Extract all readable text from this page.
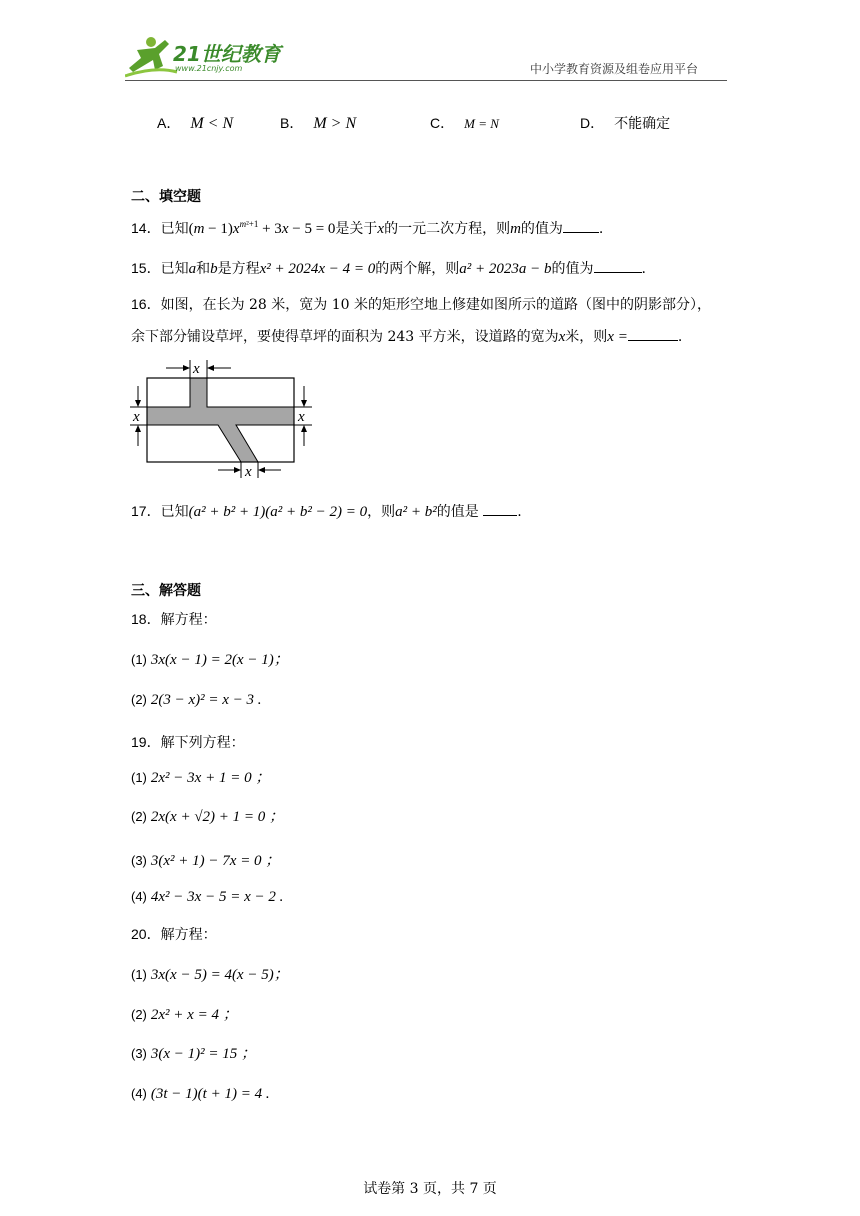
21世纪教育
www.21cnjy.com	中小学教育资源及组卷应用平台
A． M < N	B． M > N	C． M = N	D． 不能确定
二、填空题
14．已知$(m - 1)x^{m^2+1} + 3x - 5 = 0$是关于x的一元二次方程，则m的值为	.
15．已知a和b是方程x² + 2024x − 4 = 0的两个解，则a² + 2023a − b的值为	.
16．如图，在长为 28 米，宽为 10 米的矩形空地上修建如图所示的道路（图中的阴影部分），
余下部分铺设草坪，要使得草坪的面积为 243 平方米，设道路的宽为x米，则x =	.
x
x	x
x
17．已知(a² + b² + 1)(a² + b² − 2) = 0，则a² + b²的值是	.
三、解答题
18．解方程：
(1) 3x(x − 1) = 2(x − 1)；
(2) 2(3 − x)² = x − 3 .
19．解下列方程：
(1) 2x² − 3x + 1 = 0 ；
(2) 2x(x + √2) + 1 = 0 ；
(3) 3(x² + 1) − 7x = 0 ；
(4) 4x² − 3x − 5 = x − 2 .
20．解方程：
(1) 3x(x − 5) = 4(x − 5)；
(2) 2x² + x = 4 ；
(3) 3(x − 1)² = 15 ；
(4) (3t − 1)(t + 1) = 4 .
试卷第 3 页，共 7 页
